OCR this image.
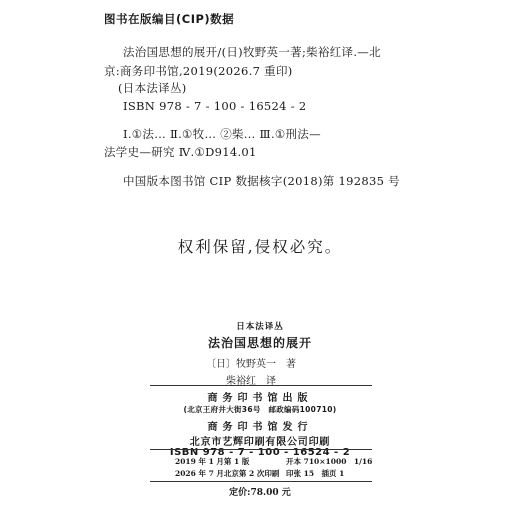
图书在版编目(CIP)数据
法治国思想的展开/(日)牧野英一著;柴裕红译.—北
京:商务印书馆,2019(2026.7 重印)
(日本法译丛)
ISBN 978 - 7 - 100 - 16524 - 2
Ⅰ.①法… Ⅱ.①牧… ②柴… Ⅲ.①刑法—
法学史—研究 Ⅳ.①D914.01
中国版本图书馆 CIP 数据核字(2018)第 192835 号
权利保留,侵权必究。
日本法译丛
法治国思想的展开
〔日〕牧野英一　著
柴裕红　译
商务印书馆出版
(北京王府井大街36号　邮政编码100710)
商务印书馆发行
北京市艺辉印刷有限公司印刷
ISBN 978 - 7 - 100 - 16524 - 2
2019 年 1 月第 1 版	开本 710×1000　1/16
2026 年 7 月北京第 2 次印刷 印张 15　插页 1
定价:78.00 元
